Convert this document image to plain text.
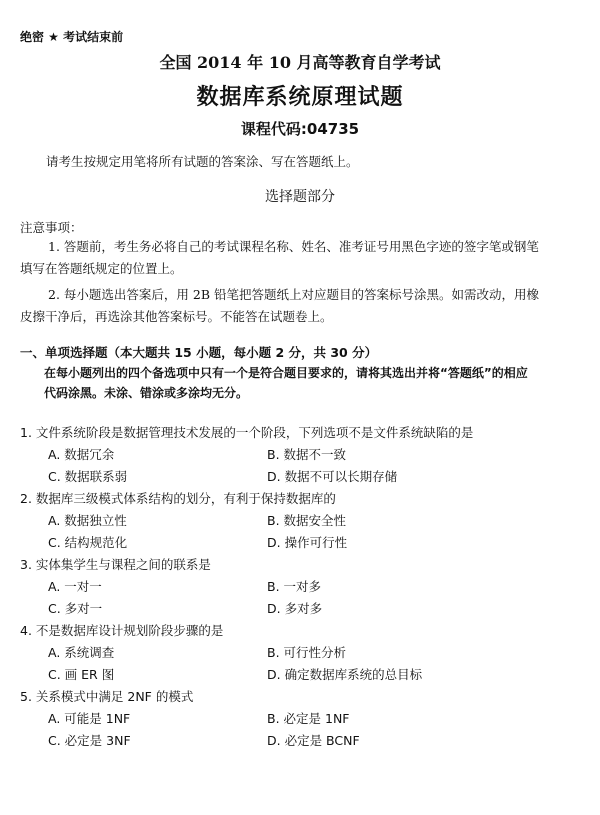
绝密 ★ 考试结束前
全国 2014 年 10 月高等教育自学考试
数据库系统原理试题
课程代码:04735
请考生按规定用笔将所有试题的答案涂、写在答题纸上。
选择题部分
注意事项：
1. 答题前，考生务必将自己的考试课程名称、姓名、准考证号用黑色字迹的签字笔或钢笔
填写在答题纸规定的位置上。
2. 每小题选出答案后，用 2B 铅笔把答题纸上对应题目的答案标号涂黑。如需改动，用橡
皮擦干净后，再选涂其他答案标号。不能答在试题卷上。
一、单项选择题（本大题共 15 小题，每小题 2 分，共 30 分）
在每小题列出的四个备选项中只有一个是符合题目要求的，请将其选出并将“答题纸”的相应
代码涂黑。未涂、错涂或多涂均无分。
1. 文件系统阶段是数据管理技术发展的一个阶段，下列选项不是文件系统缺陷的是
A. 数据冗余	B. 数据不一致
C. 数据联系弱	D. 数据不可以长期存储
2. 数据库三级模式体系结构的划分，有利于保持数据库的
A. 数据独立性	B. 数据安全性
C. 结构规范化	D. 操作可行性
3. 实体集学生与课程之间的联系是
A. 一对一	B. 一对多
C. 多对一	D. 多对多
4. 不是数据库设计规划阶段步骤的是
A. 系统调查	B. 可行性分析
C. 画 ER 图	D. 确定数据库系统的总目标
5. 关系模式中满足 2NF 的模式
A. 可能是 1NF	B. 必定是 1NF
C. 必定是 3NF	D. 必定是 BCNF
